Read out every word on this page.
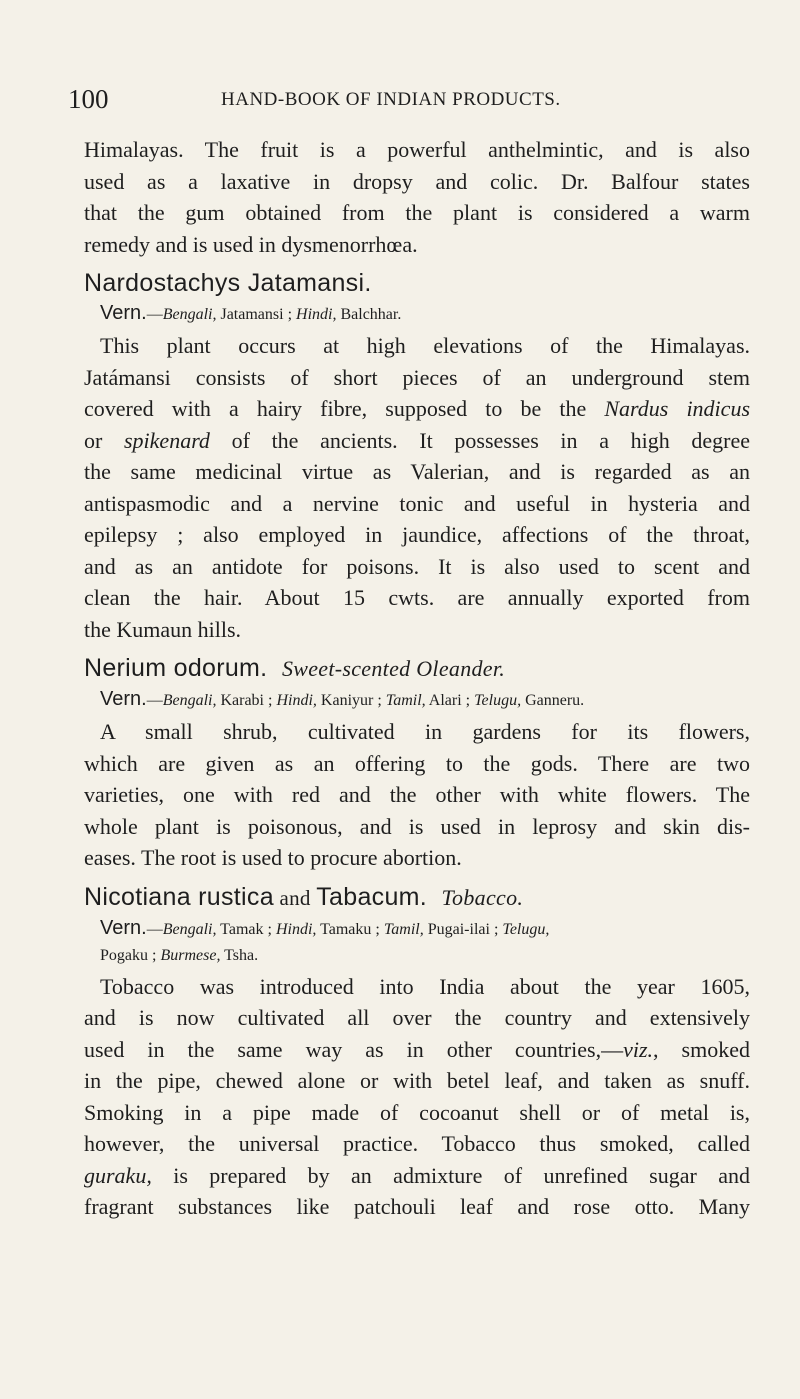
100	HAND-BOOK OF INDIAN PRODUCTS.
Himalayas. The fruit is a powerful anthelmintic, and is also
used as a laxative in dropsy and colic. Dr. Balfour states
that the gum obtained from the plant is considered a warm
remedy and is used in dysmenorrhœa.
Nardostachys Jatamansi.
Vern.—Bengali, Jatamansi ; Hindi, Balchhar.
This plant occurs at high elevations of the Himalayas.
Jatámansi consists of short pieces of an underground stem
covered with a hairy fibre, supposed to be the Nardus indicus
or spikenard of the ancients. It possesses in a high degree
the same medicinal virtue as Valerian, and is regarded as an
antispasmodic and a nervine tonic and useful in hysteria and
epilepsy ; also employed in jaundice, affections of the throat,
and as an antidote for poisons. It is also used to scent and
clean the hair. About 15 cwts. are annually exported from
the Kumaun hills.
Nerium odorum. Sweet-scented Oleander.
Vern.—Bengali, Karabi ; Hindi, Kaniyur ; Tamil, Alari ; Telugu, Ganneru.
A small shrub, cultivated in gardens for its flowers,
which are given as an offering to the gods. There are two
varieties, one with red and the other with white flowers. The
whole plant is poisonous, and is used in leprosy and skin dis-
eases. The root is used to procure abortion.
Nicotiana rustica and Tabacum. Tobacco.
Vern.—Bengali, Tamak ; Hindi, Tamaku ; Tamil, Pugai-ilai ; Telugu,
Pogaku ; Burmese, Tsha.
Tobacco was introduced into India about the year 1605,
and is now cultivated all over the country and extensively
used in the same way as in other countries,—viz., smoked
in the pipe, chewed alone or with betel leaf, and taken as snuff.
Smoking in a pipe made of cocoanut shell or of metal is,
however, the universal practice. Tobacco thus smoked, called
guraku, is prepared by an admixture of unrefined sugar and
fragrant substances like patchouli leaf and rose otto. Many
